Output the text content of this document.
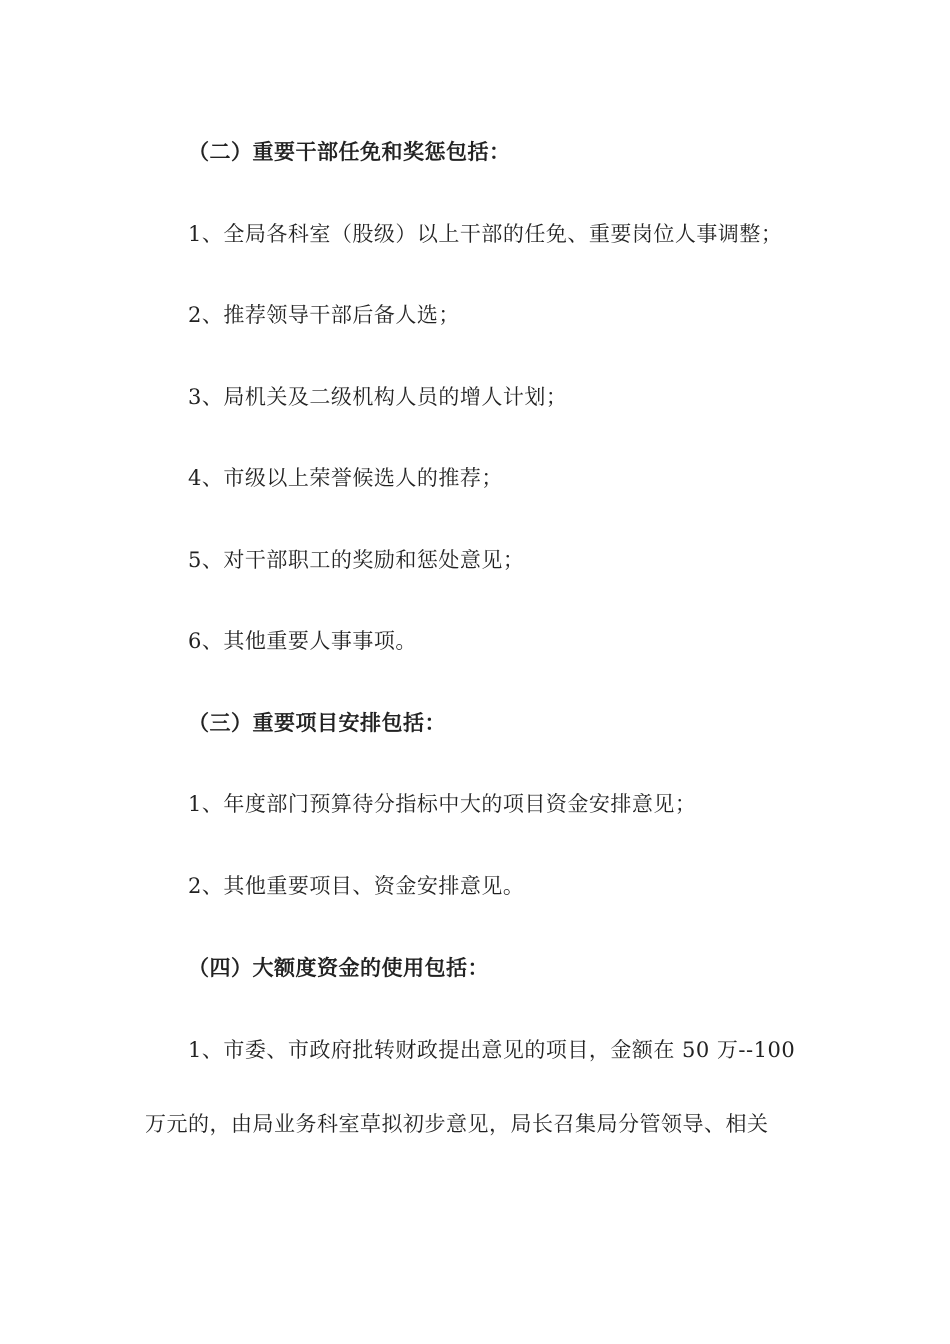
（二）重要干部任免和奖惩包括：
1、全局各科室（股级）以上干部的任免、重要岗位人事调整；
2、推荐领导干部后备人选；
3、局机关及二级机构人员的增人计划；
4、市级以上荣誉候选人的推荐；
5、对干部职工的奖励和惩处意见；
6、其他重要人事事项。
（三）重要项目安排包括：
1、年度部门预算待分指标中大的项目资金安排意见；
2、其他重要项目、资金安排意见。
（四）大额度资金的使用包括：
1、市委、市政府批转财政提出意见的项目，金额在 50 万--100
万元的，由局业务科室草拟初步意见，局长召集局分管领导、相关
